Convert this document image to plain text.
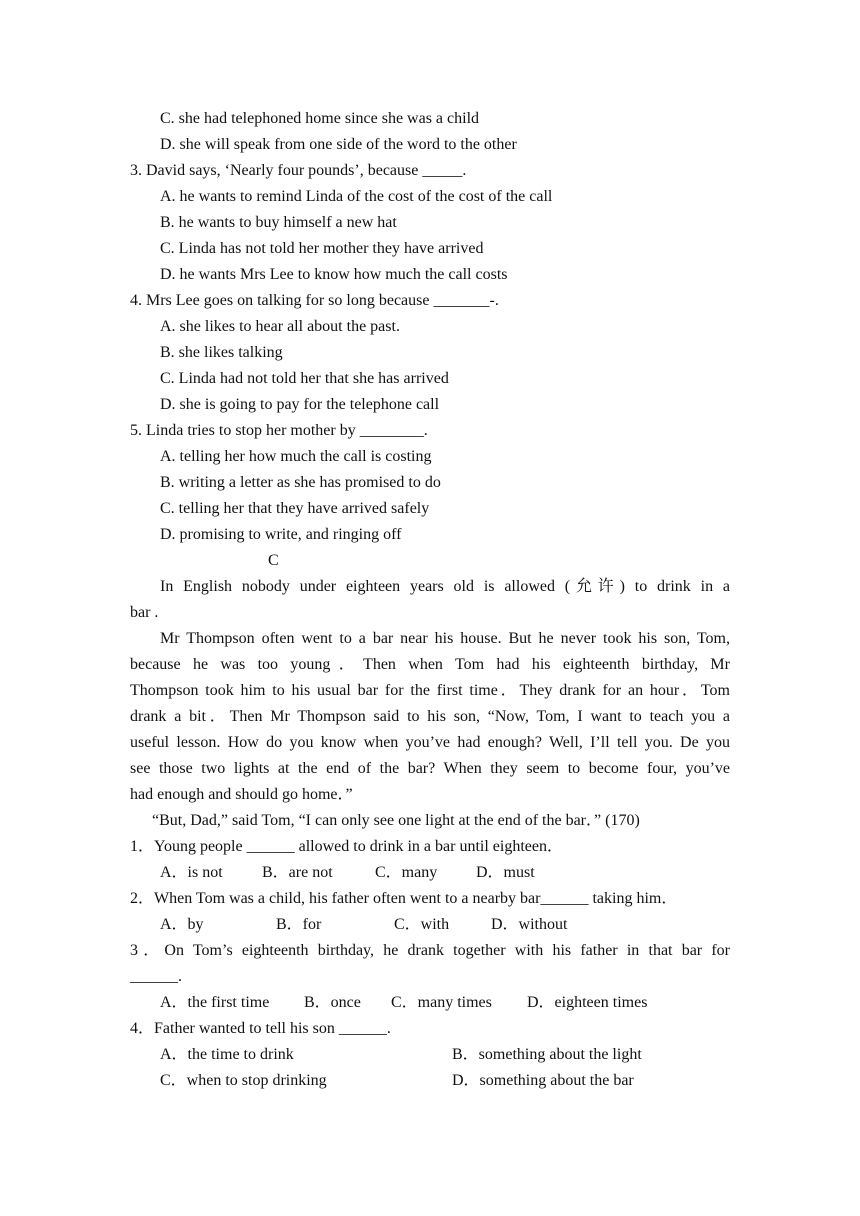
C. she had telephoned home since she was a child
D. she will speak from one side of the word to the other
3. David says, ‘Nearly four pounds’, because _____.
A. he wants to remind Linda of the cost of the cost of the call
B. he wants to buy himself a new hat
C. Linda has not told her mother they have arrived
D. he wants Mrs Lee to know how much the call costs
4. Mrs Lee goes on talking for so long because _______-.
A. she likes to hear all about the past.
B. she likes talking
C. Linda had not told her that she has arrived
D. she is going to pay for the telephone call
5. Linda tries to stop her mother by ________.
A. telling her how much the call is costing
B. writing a letter as she has promised to do
C. telling her that they have arrived safely
D. promising to write, and ringing off
C
In English nobody under eighteen years old is allowed (允许) to drink in a
bar .
Mr Thompson often went to a bar near his house. But he never took his son, Tom,
because he was too young．Then when Tom had his eighteenth birthday, Mr
Thompson took him to his usual bar for the first time．They drank for an hour．Tom
drank a bit．Then Mr Thompson said to his son, “Now, Tom, I want to teach you a
useful lesson. How do you know when you’ve had enough? Well, I’ll tell you. De you
see those two lights at the end of the bar? When they seem to become four, you’ve
had enough and should go home．”
“But, Dad,” said Tom, “I can only see one light at the end of the bar．” (170)
1．Young people ______ allowed to drink in a bar until eighteen．
A．is not B．are not	C．many D．must
2．When Tom was a child, his father often went to a nearby bar______ taking him．
A．by	B．for	C．with	D．without
3．On Tom’s eighteenth birthday, he drank together with his father in that bar for
______.
A．the first time B．once C．many times D．eighteen times
4．Father wanted to tell his son ______.
A．the time to drink	B．something about the light
C．when to stop drinking	D．something about the bar
